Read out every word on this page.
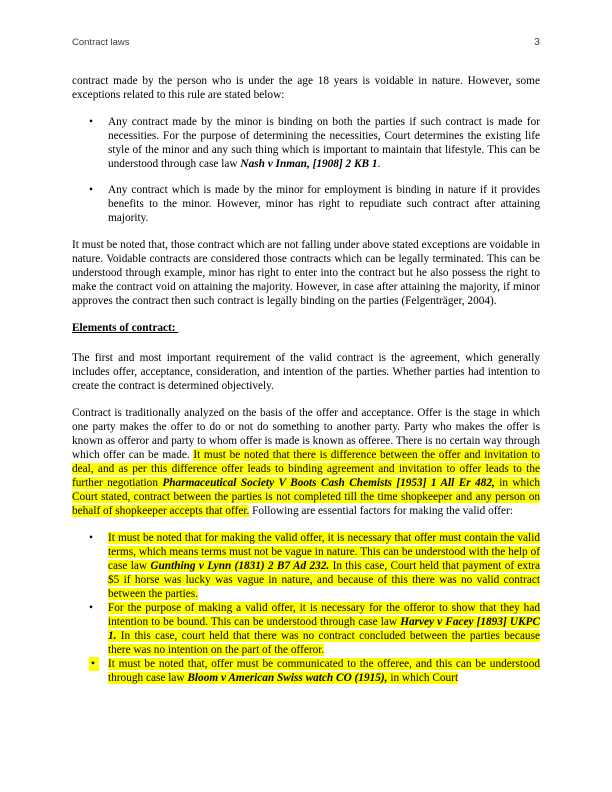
Contract laws	3

contract made by the person who is under the age 18 years is voidable in nature. However, some exceptions related to this rule are stated below:

• Any contract made by the minor is binding on both the parties if such contract is made for necessities. For the purpose of determining the necessities, Court determines the existing life style of the minor and any such thing which is important to maintain that lifestyle. This can be understood through case law Nash v Inman, [1908] 2 KB 1.
• Any contract which is made by the minor for employment is binding in nature if it provides benefits to the minor. However, minor has right to repudiate such contract after attaining majority.

It must be noted that, those contract which are not falling under above stated exceptions are voidable in nature. Voidable contracts are considered those contracts which can be legally terminated. This can be understood through example, minor has right to enter into the contract but he also possess the right to make the contract void on attaining the majority. However, in case after attaining the majority, if minor approves the contract then such contract is legally binding on the parties (Felgenträger, 2004).

Elements of contract:

The first and most important requirement of the valid contract is the agreement, which generally includes offer, acceptance, consideration, and intention of the parties. Whether parties had intention to create the contract is determined objectively.

Contract is traditionally analyzed on the basis of the offer and acceptance. Offer is the stage in which one party makes the offer to do or not do something to another party. Party who makes the offer is known as offeror and party to whom offer is made is known as offeree. There is no certain way through which offer can be made. It must be noted that there is difference between the offer and invitation to deal, and as per this difference offer leads to binding agreement and invitation to offer leads to the further negotiation Pharmaceutical Society V Boots Cash Chemists [1953] 1 All Er 482, in which Court stated, contract between the parties is not completed till the time shopkeeper and any person on behalf of shopkeeper accepts that offer. Following are essential factors for making the valid offer:

• It must be noted that for making the valid offer, it is necessary that offer must contain the valid terms, which means terms must not be vague in nature. This can be understood with the help of case law Gunthing v Lynn (1831) 2 B7 Ad 232. In this case, Court held that payment of extra $5 if horse was lucky was vague in nature, and because of this there was no valid contract between the parties.
• For the purpose of making a valid offer, it is necessary for the offeror to show that they had intention to be bound. This can be understood through case law Harvey v Facey [1893] UKPC 1. In this case, court held that there was no contract concluded between the parties because there was no intention on the part of the offeror.
•	It must be noted that, offer must be communicated to the offeree, and this can be understood through case law Bloom v American Swiss watch CO (1915), in which Court
